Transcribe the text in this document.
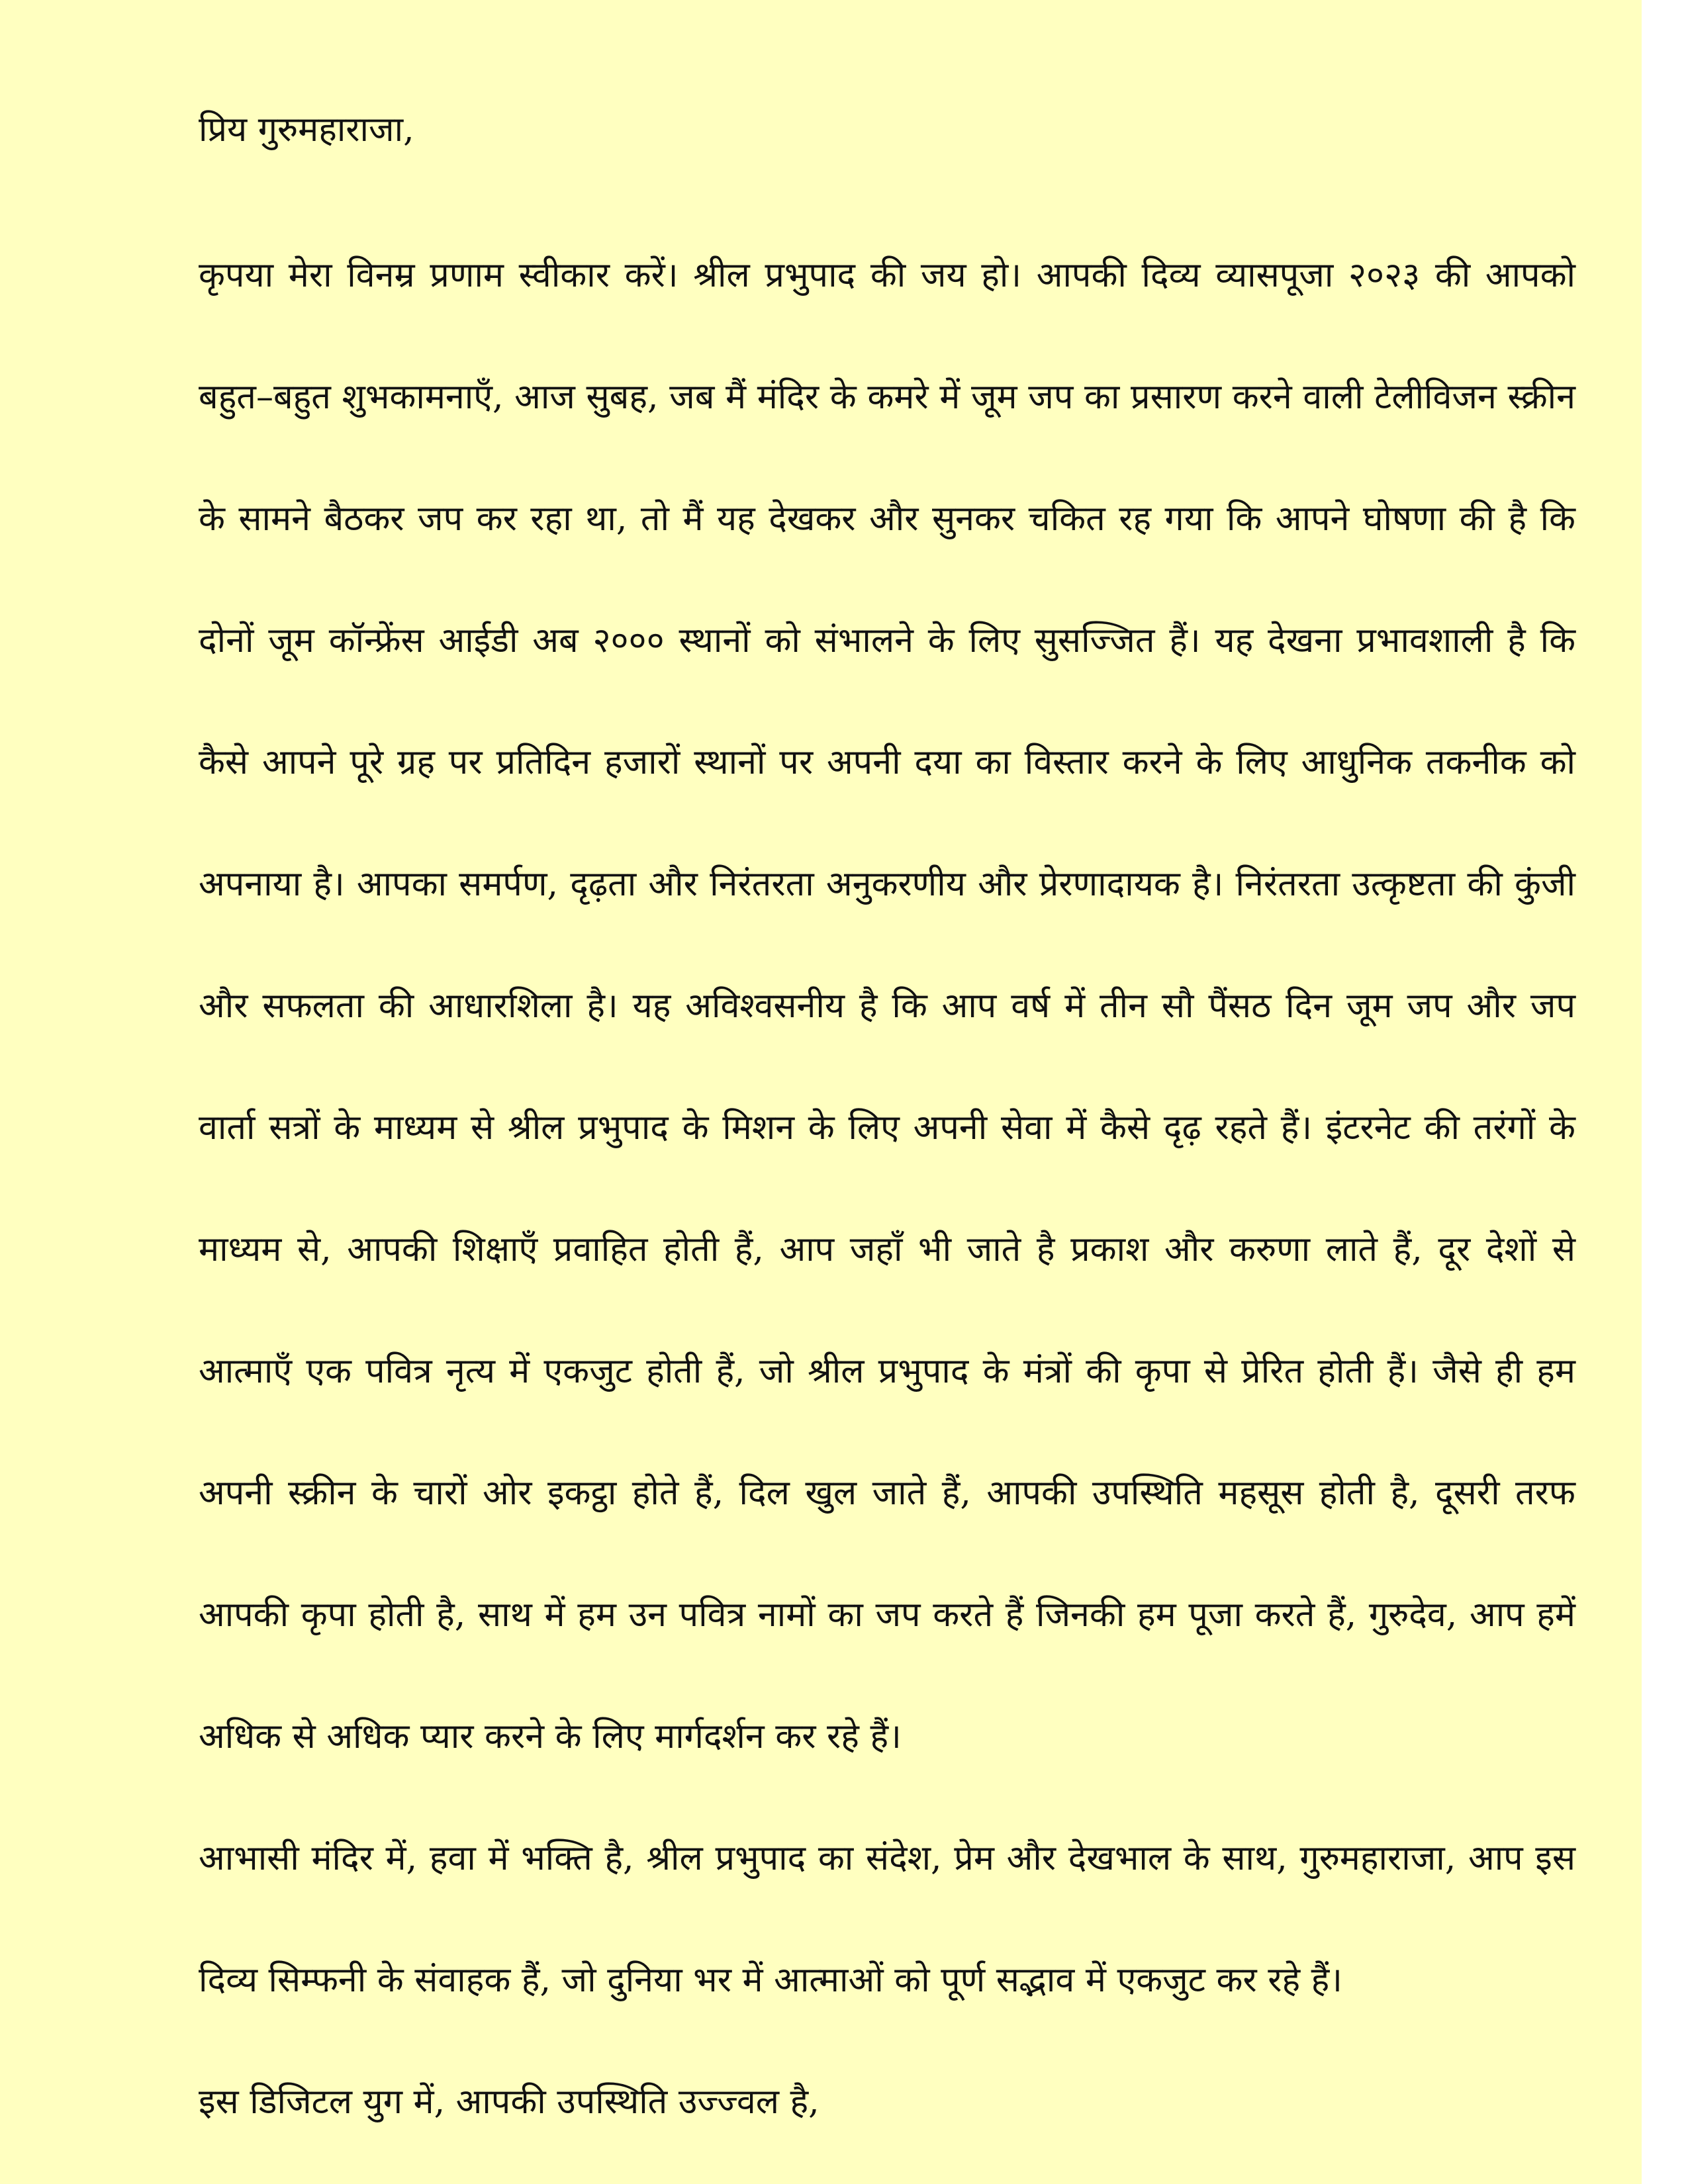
प्रिय गुरुमहाराजा,

कृपया मेरा विनम्र प्रणाम स्वीकार करें। श्रील प्रभुपाद की जय हो। आपकी दिव्य व्यासपूजा २०२३ की आपको बहुत–बहुत शुभकामनाएँ, आज सुबह, जब मैं मंदिर के कमरे में जूम जप का प्रसारण करने वाली टेलीविजन स्क्रीन के सामने बैठकर जप कर रहा था, तो मैं यह देखकर और सुनकर चकित रह गया कि आपने घोषणा की है कि दोनों जूम कॉन्फ्रेंस आईडी अब २००० स्थानों को संभालने के लिए सुसज्जित हैं। यह देखना प्रभावशाली है कि कैसे आपने पूरे ग्रह पर प्रतिदिन हजारों स्थानों पर अपनी दया का विस्तार करने के लिए आधुनिक तकनीक को अपनाया है। आपका समर्पण, दृढ़ता और निरंतरता अनुकरणीय और प्रेरणादायक है। निरंतरता उत्कृष्टता की कुंजी और सफलता की आधारशिला है। यह अविश्वसनीय है कि आप वर्ष में तीन सौ पैंसठ दिन जूम जप और जप वार्ता सत्रों के माध्यम से श्रील प्रभुपाद के मिशन के लिए अपनी सेवा में कैसे दृढ़ रहते हैं। इंटरनेट की तरंगों के माध्यम से, आपकी शिक्षाएँ प्रवाहित होती हैं, आप जहाँ भी जाते है प्रकाश और करुणा लाते हैं, दूर देशों से आत्माएँ एक पवित्र नृत्य में एकजुट होती हैं, जो श्रील प्रभुपाद के मंत्रों की कृपा से प्रेरित होती हैं। जैसे ही हम अपनी स्क्रीन के चारों ओर इकट्ठा होते हैं, दिल खुल जाते हैं, आपकी उपस्थिति महसूस होती है, दूसरी तरफ आपकी कृपा होती है, साथ में हम उन पवित्र नामों का जप करते हैं जिनकी हम पूजा करते हैं, गुरुदेव, आप हमें अधिक से अधिक प्यार करने के लिए मार्गदर्शन कर रहे हैं।

आभासी मंदिर में, हवा में भक्ति है, श्रील प्रभुपाद का संदेश, प्रेम और देखभाल के साथ, गुरुमहाराजा, आप इस दिव्य सिम्फनी के संवाहक हैं, जो दुनिया भर में आत्माओं को पूर्ण सद्भाव में एकजुट कर रहे हैं।

इस डिजिटल युग में, आपकी उपस्थिति उज्ज्वल है,
